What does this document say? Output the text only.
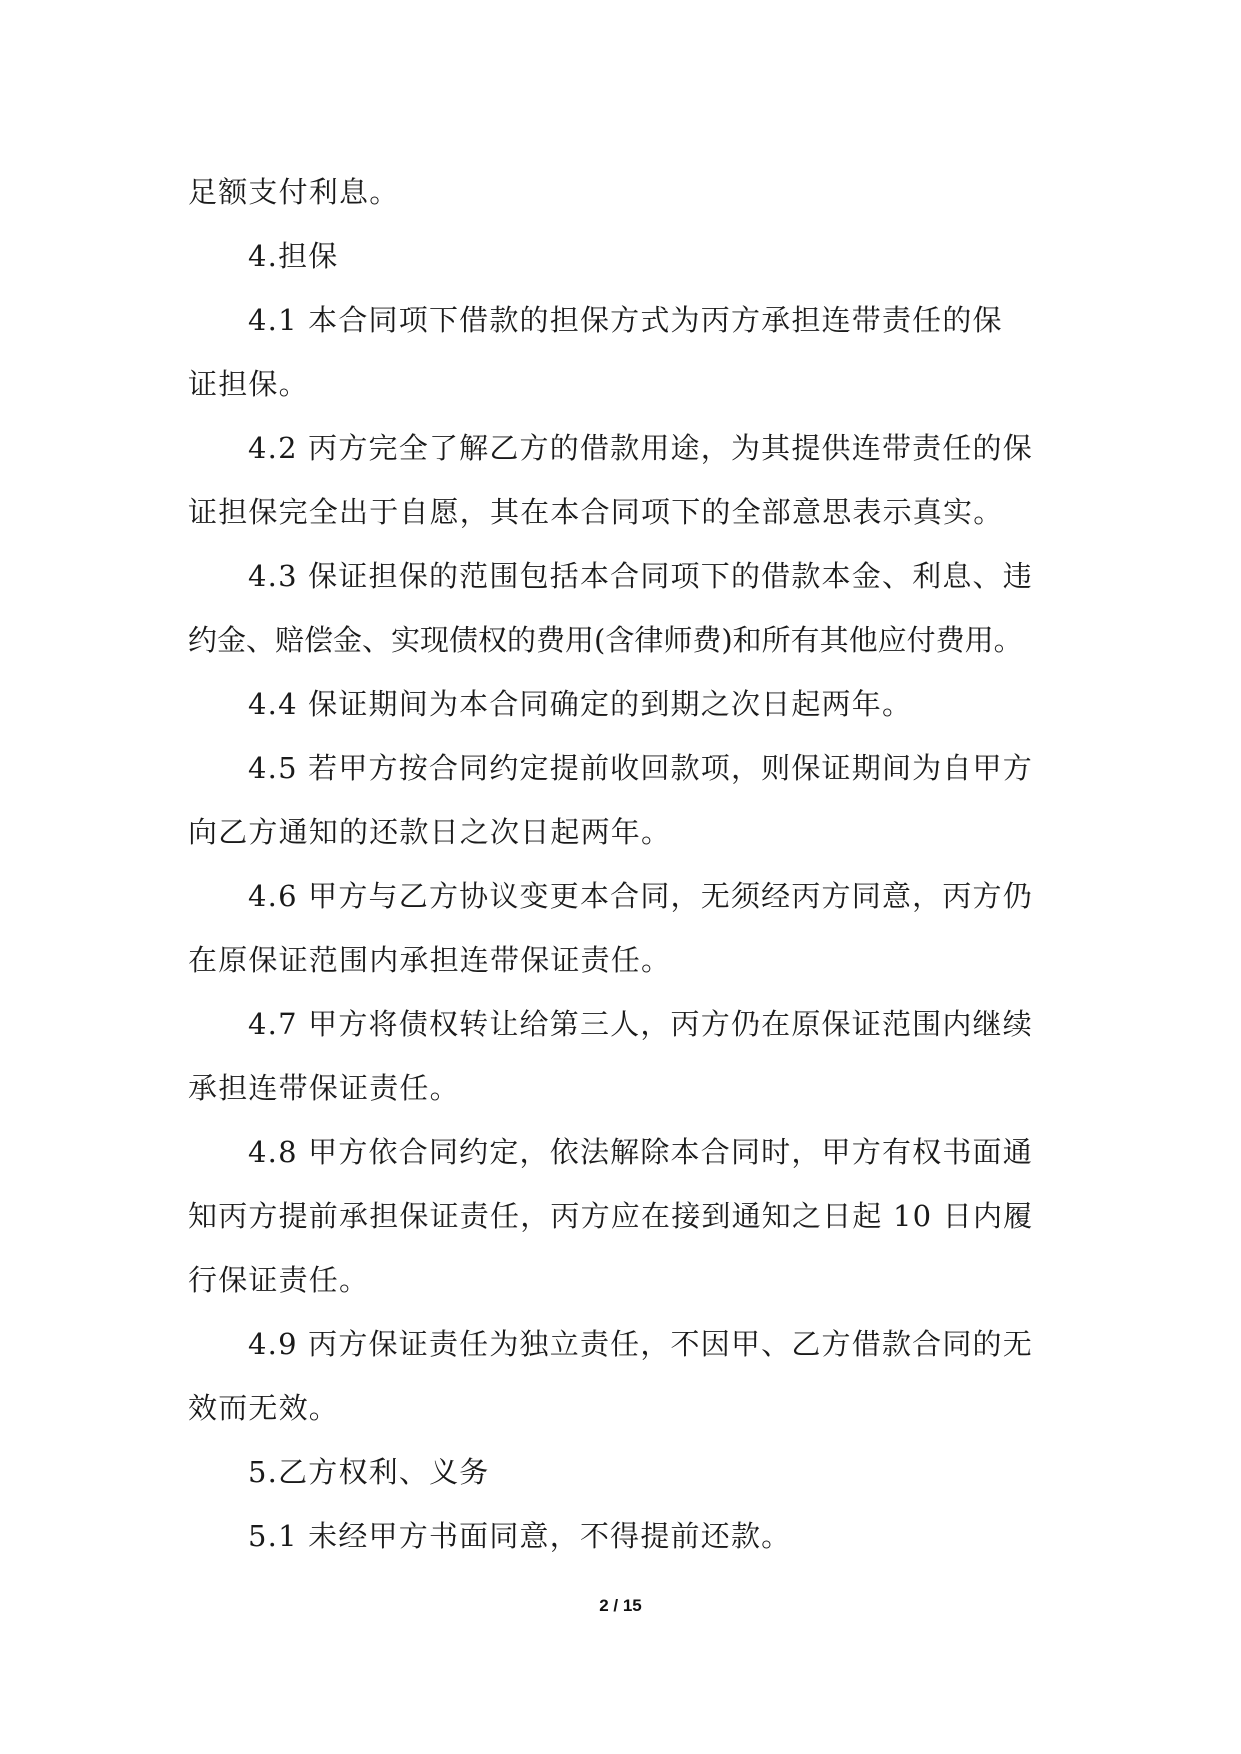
足额支付利息。
4.担保
4.1 本合同项下借款的担保方式为丙方承担连带责任的保
证担保。
4.2 丙方完全了解乙方的借款用途，为其提供连带责任的保
证担保完全出于自愿，其在本合同项下的全部意思表示真实。
4.3 保证担保的范围包括本合同项下的借款本金、利息、违
约金、赔偿金、实现债权的费用(含律师费)和所有其他应付费用。
4.4 保证期间为本合同确定的到期之次日起两年。
4.5 若甲方按合同约定提前收回款项，则保证期间为自甲方
向乙方通知的还款日之次日起两年。
4.6 甲方与乙方协议变更本合同，无须经丙方同意，丙方仍
在原保证范围内承担连带保证责任。
4.7 甲方将债权转让给第三人，丙方仍在原保证范围内继续
承担连带保证责任。
4.8 甲方依合同约定，依法解除本合同时，甲方有权书面通
知丙方提前承担保证责任，丙方应在接到通知之日起 10 日内履
行保证责任。
4.9 丙方保证责任为独立责任，不因甲、乙方借款合同的无
效而无效。
5.乙方权利、义务
5.1 未经甲方书面同意，不得提前还款。
2 / 15
